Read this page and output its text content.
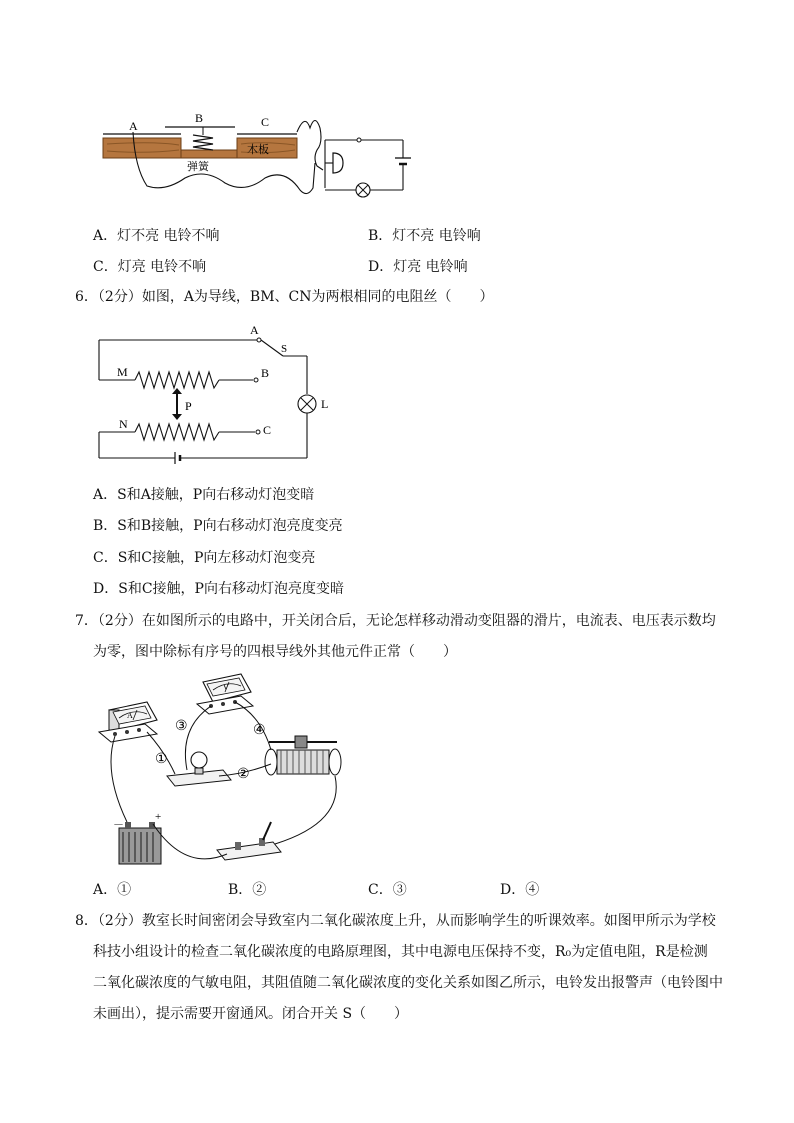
A
B	C
弹簧
木板
A．灯不亮 电铃不响	B．灯不亮 电铃响
C．灯亮 电铃不响	D．灯亮 电铃响
6．（2分）如图，A为导线，BM、CN为两根相同的电阻丝（　　）
A
S
M	B
P	L
N	C
A．S和A接触，P向右移动灯泡变暗
B．S和B接触，P向右移动灯泡亮度变亮
C．S和C接触，P向左移动灯泡变亮
D．S和C接触，P向右移动灯泡亮度变暗
7．（2分）在如图所示的电路中，开关闭合后，无论怎样移动滑动变阻器的滑片，电流表、电压表示数均
为零，图中除标有序号的四根导线外其他元件正常（　　）
A
V
－
+
①
②
③	④
A．①	B．②	C．③	D．④
8．（2分）教室长时间密闭会导致室内二氧化碳浓度上升，从而影响学生的听课效率。如图甲所示为学校
科技小组设计的检查二氧化碳浓度的电路原理图，其中电源电压保持不变，R₀为定值电阻，R是检测
二氧化碳浓度的气敏电阻，其阻值随二氧化碳浓度的变化关系如图乙所示，电铃发出报警声（电铃图中
未画出），提示需要开窗通风。闭合开关 S（　　）
